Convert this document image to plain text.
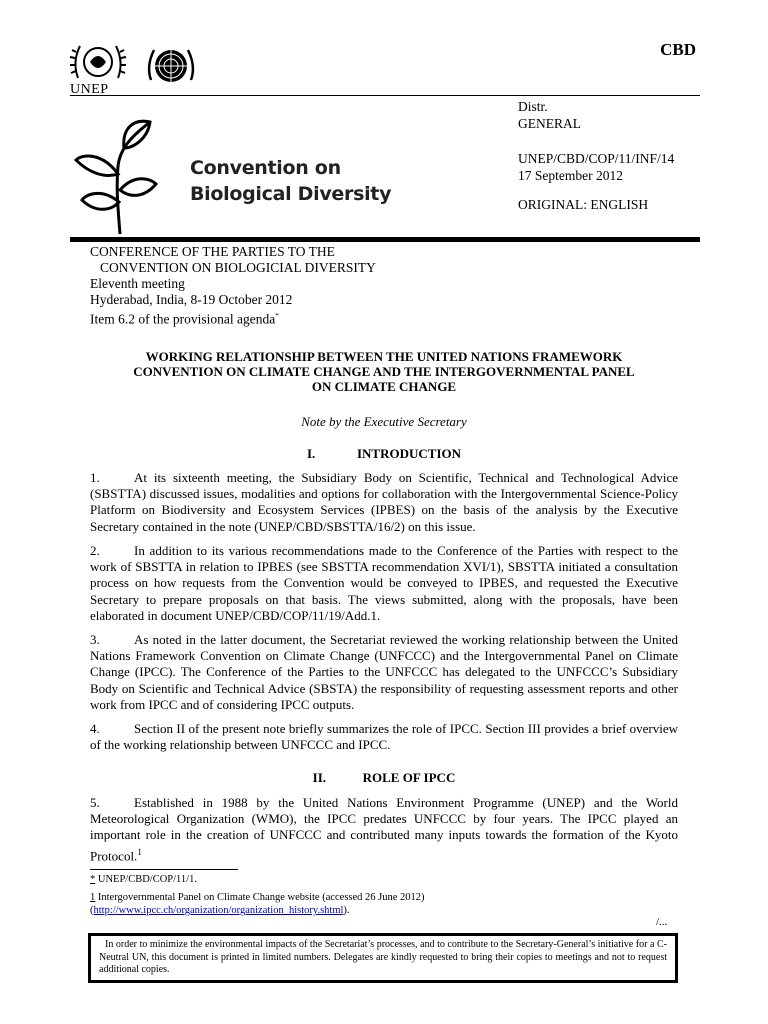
UNEP
CBD
Convention on
Biological Diversity
Distr.
GENERAL
UNEP/CBD/COP/11/INF/14
17 September 2012
ORIGINAL: ENGLISH
CONFERENCE OF THE PARTIES TO THE
CONVENTION ON BIOLOGICIAL DIVERSITY
Eleventh meeting
Hyderabad, India, 8-19 October 2012
Item 6.2 of the provisional agenda*
WORKING RELATIONSHIP BETWEEN THE UNITED NATIONS FRAMEWORK
CONVENTION ON CLIMATE CHANGE AND THE INTERGOVERNMENTAL PANEL
ON CLIMATE CHANGE
Note by the Executive Secretary
I.	INTRODUCTION
1.	At its sixteenth meeting, the Subsidiary Body on Scientific, Technical and Technological Advice (SBSTTA) discussed issues, modalities and options for collaboration with the Intergovernmental Science-Policy Platform on Biodiversity and Ecosystem Services (IPBES) on the basis of the analysis by the Executive Secretary contained in the note (UNEP/CBD/SBSTTA/16/2) on this issue.
2.	In addition to its various recommendations made to the Conference of the Parties with respect to the work of SBSTTA in relation to IPBES (see SBSTTA recommendation XVI/1), SBSTTA initiated a consultation process on how requests from the Convention would be conveyed to IPBES, and requested the Executive Secretary to prepare proposals on that basis. The views submitted, along with the proposals, have been elaborated in document UNEP/CBD/COP/11/19/Add.1.
3.	As noted in the latter document, the Secretariat reviewed the working relationship between the United Nations Framework Convention on Climate Change (UNFCCC) and the Intergovernmental Panel on Climate Change (IPCC). The Conference of the Parties to the UNFCCC has delegated to the UNFCCC’s Subsidiary Body on Scientific and Technical Advice (SBSTA) the responsibility of requesting assessment reports and other work from IPCC and of considering IPCC outputs.
4.	Section II of the present note briefly summarizes the role of IPCC. Section III provides a brief overview of the working relationship between UNFCCC and IPCC.
II.	ROLE OF IPCC
5.	Established in 1988 by the United Nations Environment Programme (UNEP) and the World Meteorological Organization (WMO), the IPCC predates UNFCCC by four years. The IPCC played an important role in the creation of UNFCCC and contributed many inputs towards the formation of the Kyoto Protocol.$^1$
* UNEP/CBD/COP/11/1.
1 Intergovernmental Panel on Climate Change website (accessed 26 June 2012)
(http://www.ipcc.ch/organization/organization_history.shtml).
/...
In order to minimize the environmental impacts of the Secretariat’s processes, and to contribute to the Secretary-General’s initiative for a C-Neutral UN, this document is printed in limited numbers. Delegates are kindly requested to bring their copies to meetings and not to request additional copies.
